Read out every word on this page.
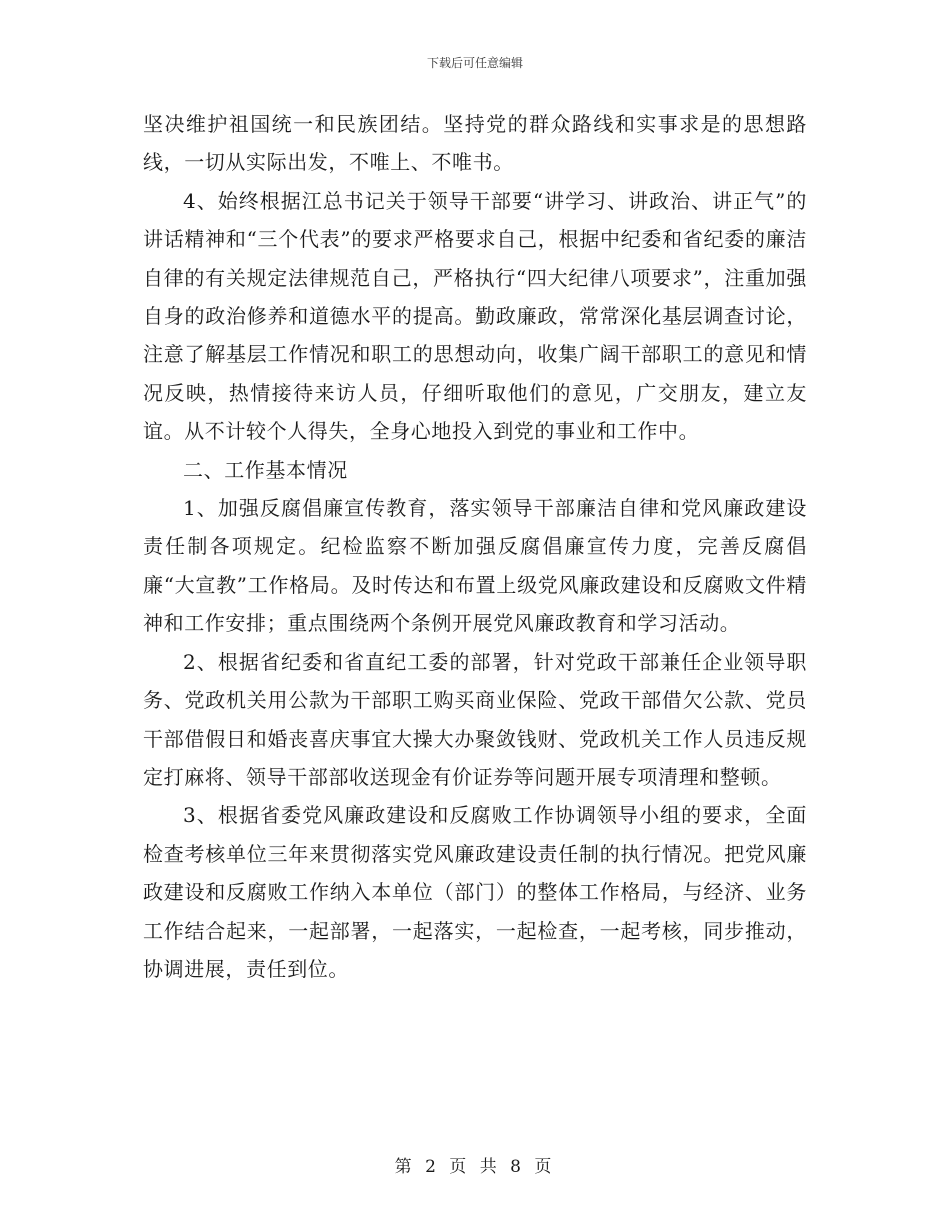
下载后可任意编辑

坚决维护祖国统一和民族团结。坚持党的群众路线和实事求是的思想路线，一切从实际出发，不唯上、不唯书。

4、始终根据江总书记关于领导干部要“讲学习、讲政治、讲正气”的讲话精神和“三个代表”的要求严格要求自己，根据中纪委和省纪委的廉洁自律的有关规定法律规范自己，严格执行“四大纪律八项要求”，注重加强自身的政治修养和道德水平的提高。勤政廉政，常常深化基层调查讨论，注意了解基层工作情况和职工的思想动向，收集广阔干部职工的意见和情况反映，热情接待来访人员，仔细听取他们的意见，广交朋友，建立友谊。从不计较个人得失，全身心地投入到党的事业和工作中。

二、工作基本情况

1、加强反腐倡廉宣传教育，落实领导干部廉洁自律和党风廉政建设责任制各项规定。纪检监察不断加强反腐倡廉宣传力度，完善反腐倡廉“大宣教”工作格局。及时传达和布置上级党风廉政建设和反腐败文件精神和工作安排；重点围绕两个条例开展党风廉政教育和学习活动。

2、根据省纪委和省直纪工委的部署，针对党政干部兼任企业领导职务、党政机关用公款为干部职工购买商业保险、党政干部借欠公款、党员干部借假日和婚丧喜庆事宜大操大办聚敛钱财、党政机关工作人员违反规定打麻将、领导干部部收送现金有价证券等问题开展专项清理和整顿。

3、根据省委党风廉政建设和反腐败工作协调领导小组的要求，全面检查考核单位三年来贯彻落实党风廉政建设责任制的执行情况。把党风廉政建设和反腐败工作纳入本单位（部门）的整体工作格局，与经济、业务工作结合起来，一起部署，一起落实，一起检查，一起考核，同步推动，协调进展，责任到位。

第 2 页 共 8 页
